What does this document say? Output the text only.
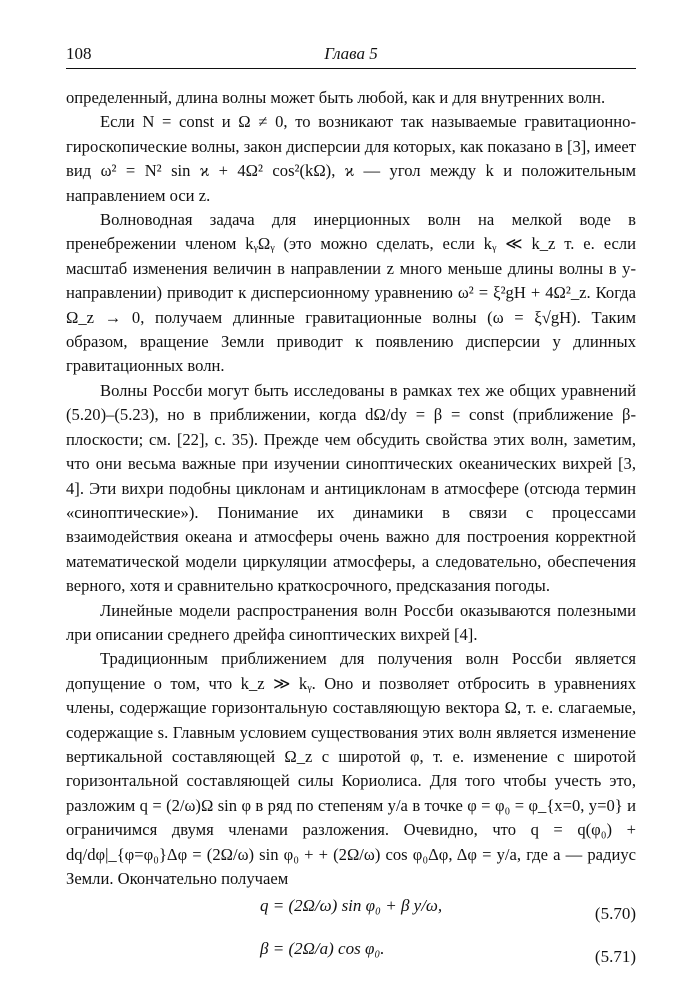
108	Глава 5

определенный, длина волны может быть любой, как и для внутренних волн.

Если N = const и Ω ≠ 0, то возникают так называемые гравитационно-гироскопические волны, закон дисперсии для которых, как показано в [3], имеет вид ω² = N² sin ϰ + 4Ω² cos²(kΩ), ϰ — угол между k и положительным направлением оси z.

Волноводная задача для инерционных волн на мелкой воде в пренебрежении членом kᵧΩᵧ (это можно сделать, если kᵧ ≪ k_z т. е. если масштаб изменения величин в направлении z много меньше длины волны в y-направлении) приводит к дисперсионному уравнению ω² = ξ²gH + 4Ω²_z. Когда Ω_z → 0, получаем длинные гравитационные волны (ω = ξ√gH). Таким образом, вращение Земли приводит к появлению дисперсии у длинных гравитационных волн.

Волны Россби могут быть исследованы в рамках тех же общих уравнений (5.20)–(5.23), но в приближении, когда dΩ/dy = β = const (приближение β-плоскости; см. [22], с. 35). Прежде чем обсудить свойства этих волн, заметим, что они весьма важные при изучении синоптических океанических вихрей [3, 4]. Эти вихри подобны циклонам и антициклонам в атмосфере (отсюда термин «синоптические»). Понимание их динамики в связи с процессами взаимодействия океана и атмосферы очень важно для построения корректной математической модели циркуляции атмосферы, а следовательно, обеспечения верного, хотя и сравнительно краткосрочного, предсказания погоды.

Линейные модели распространения волн Россби оказываются полезными лри описании среднего дрейфа синоптических вихрей [4].

Традиционным приближением для получения волн Россби является допущение о том, что k_z ≫ kᵧ. Оно и позволяет отбросить в уравнениях члены, содержащие горизонтальную составляющую вектора Ω, т. е. слагаемые, содержащие s. Главным условием существования этих волн является изменение вертикальной составляющей Ω_z с широтой φ, т. е. изменение с широтой горизонтальной составляющей силы Кориолиса. Для того чтобы учесть это, разложим q = (2/ω)Ω sin φ в ряд по степеням y/a в точке φ = φ₀ = φ_{x=0, y=0} и ограничимся двумя членами разложения. Очевидно, что q = q(φ₀) + dq/dφ|_{φ=φ₀}Δφ = (2Ω/ω) sin φ₀ + + (2Ω/ω) cos φ₀Δφ, Δφ = y/a, где a — радиус Земли. Окончательно получаем

q = (2Ω/ω) sin φ₀ + β y/ω,	(5.70)
β = (2Ω/a) cos φ₀.	(5.71)
